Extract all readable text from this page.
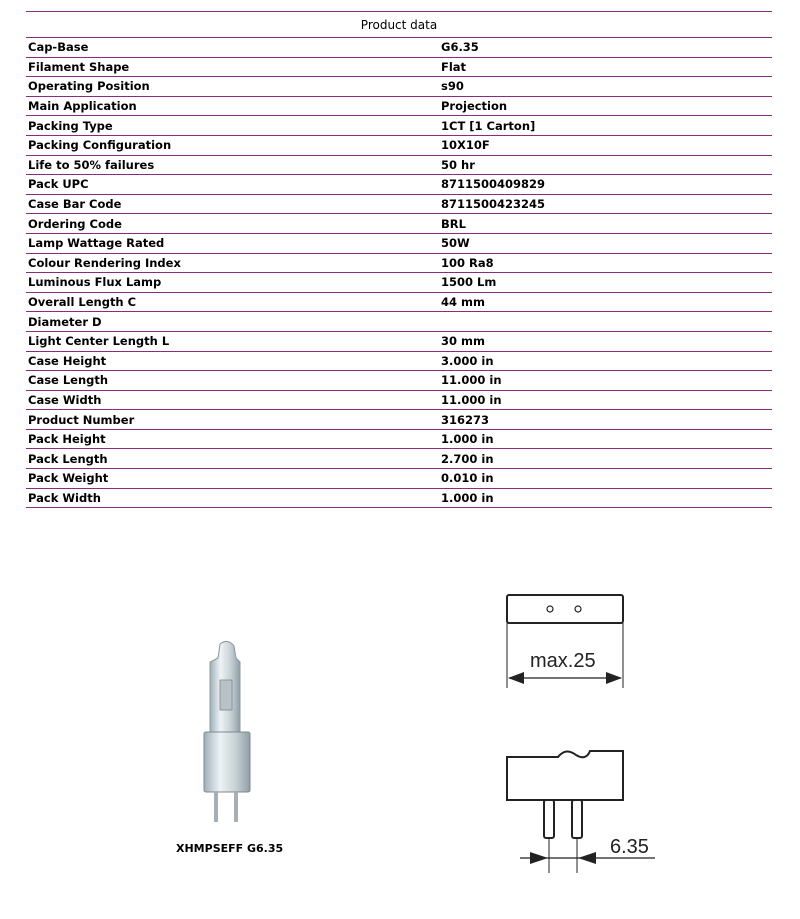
Product data
Cap-Base	G6.35
Filament Shape	Flat
Operating Position	s90
Main Application	Projection
Packing Type	1CT [1 Carton]
Packing Configuration	10X10F
Life to 50% failures	50 hr
Pack UPC	8711500409829
Case Bar Code	8711500423245
Ordering Code	BRL
Lamp Wattage Rated	50W
Colour Rendering Index	100 Ra8
Luminous Flux Lamp	1500 Lm
Overall Length C	44 mm
Diameter D
Light Center Length L	30 mm
Case Height	3.000 in
Case Length	11.000 in
Case Width	11.000 in
Product Number	316273
Pack Height	1.000 in
Pack Length	2.700 in
Pack Weight	0.010 in
Pack Width	1.000 in
XHMPSEFF G6.35
max.25
6.35
